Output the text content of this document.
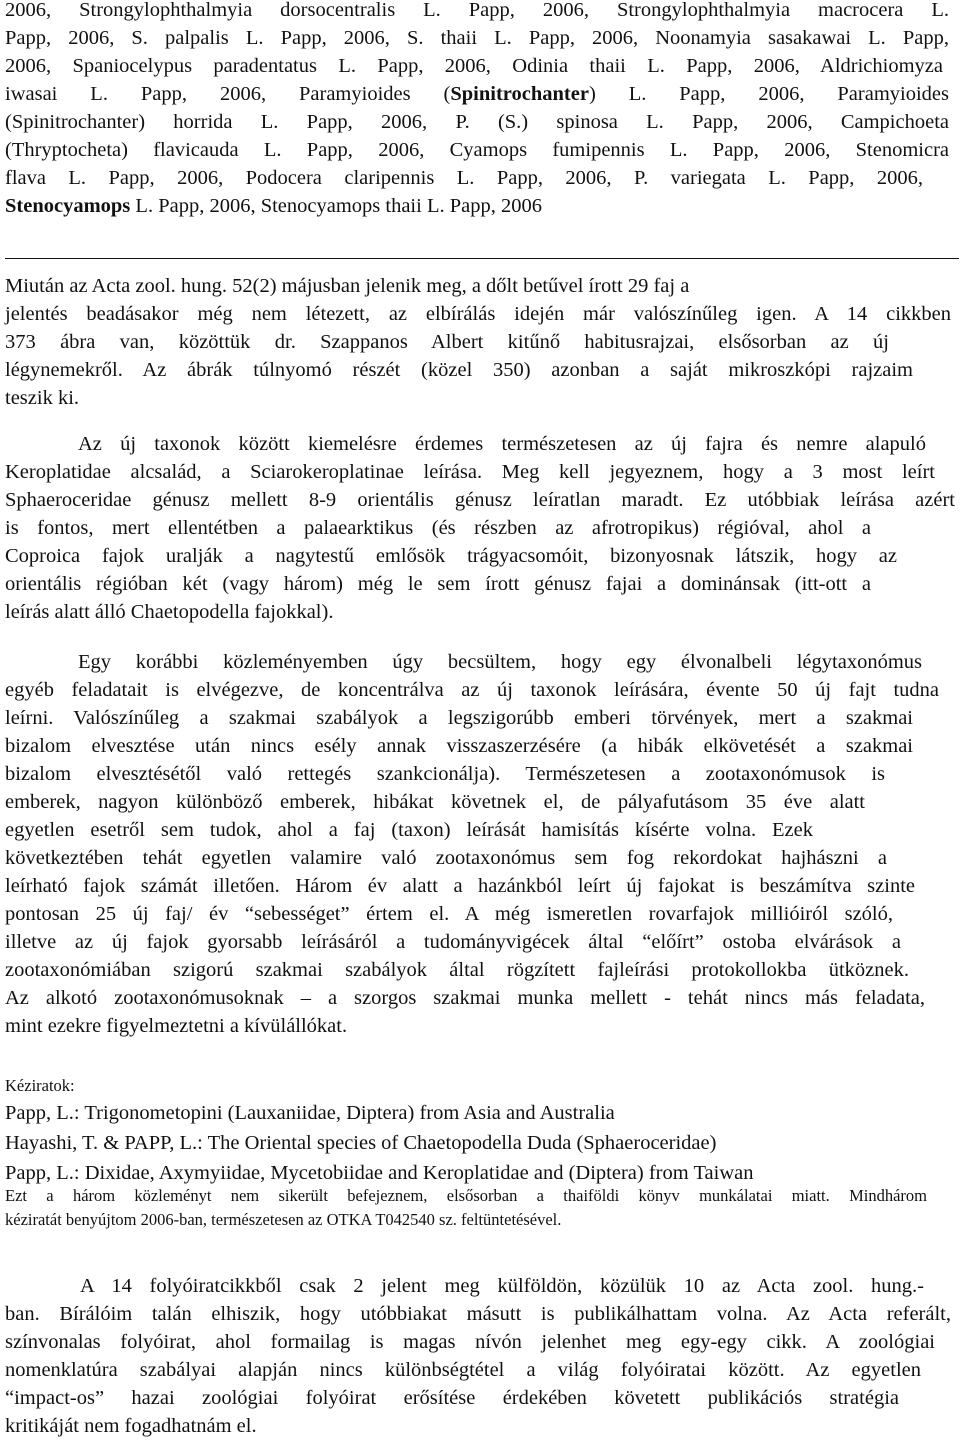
2006, Strongylophthalmyia dorsocentralis L. Papp, 2006, Strongylophthalmyia macrocera L.

Papp, 2006, S. palpalis L. Papp, 2006, S. thaii L. Papp, 2006, Noonamyia sasakawai L. Papp,

2006, Spaniocelypus paradentatus L. Papp, 2006, Odinia thaii L. Papp, 2006, Aldrichiomyza

iwasai L. Papp, 2006, Paramyioides (Spinitrochanter) L. Papp, 2006, Paramyioides

(Spinitrochanter) horrida L. Papp, 2006, P. (S.) spinosa L. Papp, 2006, Campichoeta

(Thryptocheta) flavicauda L. Papp, 2006, Cyamops fumipennis L. Papp, 2006, Stenomicra

flava L. Papp, 2006, Podocera claripennis L. Papp, 2006, P. variegata L. Papp, 2006,

Stenocyamops L. Papp, 2006, Stenocyamops thaii L. Papp, 2006

Miután az Acta zool. hung. 52(2) májusban jelenik meg, a dőlt betűvel írott 29 faj a

jelentés beadásakor még nem létezett, az elbírálás idején már valószínűleg igen. A 14 cikkben

373 ábra van, közöttük dr. Szappanos Albert kitűnő habitusrajzai, elsősorban az új

légynemekről. Az ábrák túlnyomó részét (közel 350) azonban a saját mikroszkópi rajzaim

teszik ki.

Az új taxonok között kiemelésre érdemes természetesen az új fajra és nemre alapuló

Keroplatidae alcsalád, a Sciarokeroplatinae leírása. Meg kell jegyeznem, hogy a 3 most leírt

Sphaeroceridae génusz mellett 8-9 orientális génusz leíratlan maradt. Ez utóbbiak leírása azért

is fontos, mert ellentétben a palaearktikus (és részben az afrotropikus) régióval, ahol a

Coproica fajok uralják a nagytestű emlősök trágyacsomóit, bizonyosnak látszik, hogy az

orientális régióban két (vagy három) még le sem írott génusz fajai a dominánsak (itt-ott a

leírás alatt álló Chaetopodella fajokkal).

Egy korábbi közleményemben úgy becsültem, hogy egy élvonalbeli légytaxonómus

egyéb feladatait is elvégezve, de koncentrálva az új taxonok leírására, évente 50 új fajt tudna

leírni. Valószínűleg a szakmai szabályok a legszigorúbb emberi törvények, mert a szakmai

bizalom elvesztése után nincs esély annak visszaszerzésére (a hibák elkövetését a szakmai

bizalom elvesztésétől való rettegés szankcionálja). Természetesen a zootaxonómusok is

emberek, nagyon különböző emberek, hibákat követnek el, de pályafutásom 35 éve alatt

egyetlen esetről sem tudok, ahol a faj (taxon) leírását hamisítás kísérte volna. Ezek

következtében tehát egyetlen valamire való zootaxonómus sem fog rekordokat hajhászni a

leírható fajok számát illetően. Három év alatt a hazánkból leírt új fajokat is beszámítva szinte

pontosan 25 új faj/ év “sebességet” értem el. A még ismeretlen rovarfajok millióiról szóló,

illetve az új fajok gyorsabb leírásáról a tudományvigécek által “előírt” ostoba elvárások a

zootaxonómiában szigorú szakmai szabályok által rögzített fajleírási protokollokba ütköznek.

Az alkotó zootaxonómusoknak – a szorgos szakmai munka mellett - tehát nincs más feladata,

mint ezekre figyelmeztetni a kívülállókat.

Kéziratok:

Papp, L.: Trigonometopini (Lauxaniidae, Diptera) from Asia and Australia

Hayashi, T. & PAPP, L.: The Oriental species of Chaetopodella Duda (Sphaeroceridae)

Papp, L.: Dixidae, Axymyiidae, Mycetobiidae and Keroplatidae and (Diptera) from Taiwan

Ezt a három közleményt nem sikerült befejeznem, elsősorban a thaiföldi könyv munkálatai miatt. Mindhárom

kéziratát benyújtom 2006-ban, természetesen az OTKA T042540 sz. feltüntetésével.

A 14 folyóiratcikkből csak 2 jelent meg külföldön, közülük 10 az Acta zool. hung.-

ban. Bírálóim talán elhiszik, hogy utóbbiakat másutt is publikálhattam volna. Az Acta referált,

színvonalas folyóirat, ahol formailag is magas nívón jelenhet meg egy-egy cikk. A zoológiai

nomenklatúra szabályai alapján nincs különbségtétel a világ folyóiratai között. Az egyetlen

“impact-os” hazai zoológiai folyóirat erősítése érdekében követett publikációs stratégia

kritikáját nem fogadhatnám el.
